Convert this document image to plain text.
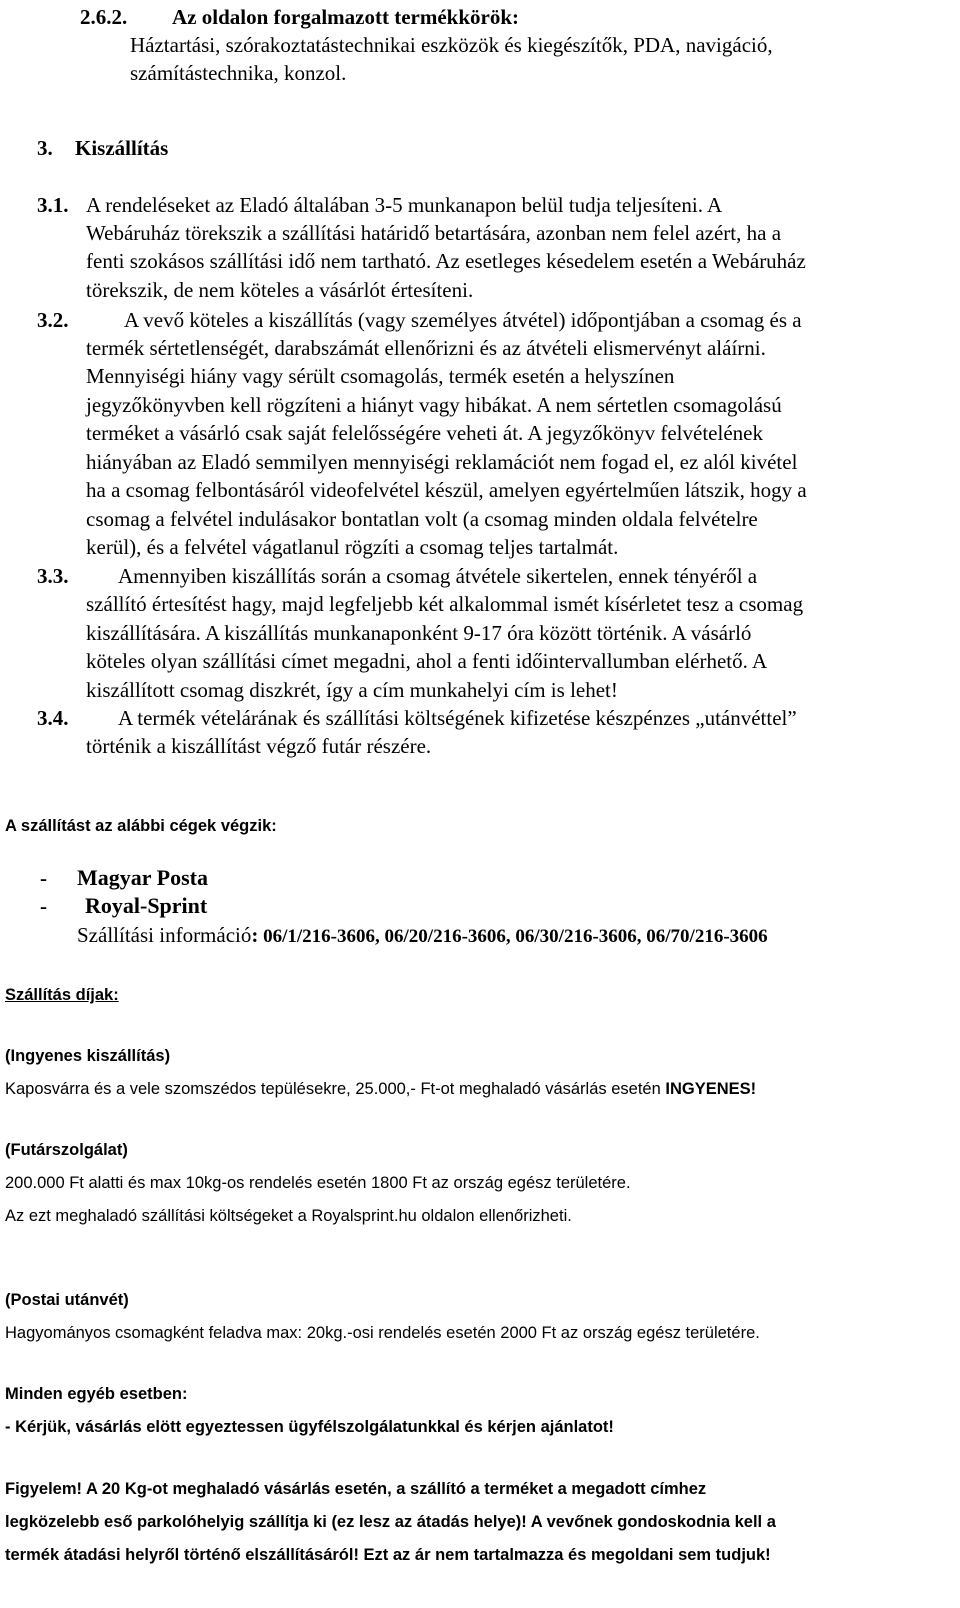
2.6.2. Az oldalon forgalmazott termékkörök:
Háztartási, szórakoztatástechnikai eszközök és kiegészítők, PDA, navigáció,
számítástechnika, konzol.
3. Kiszállítás
3.1. A rendeléseket az Eladó általában 3-5 munkanapon belül tudja teljesíteni. A
Webáruház törekszik a szállítási határidő betartására, azonban nem felel azért, ha a
fenti szokásos szállítási idő nem tartható. Az esetleges késedelem esetén a Webáruház
törekszik, de nem köteles a vásárlót értesíteni.
3.2.	A vevő köteles a kiszállítás (vagy személyes átvétel) időpontjában a csomag és a
termék sértetlenségét, darabszámát ellenőrizni és az átvételi elismervényt aláírni.
Mennyiségi hiány vagy sérült csomagolás, termék esetén a helyszínen
jegyzőkönyvben kell rögzíteni a hiányt vagy hibákat. A nem sértetlen csomagolású
terméket a vásárló csak saját felelősségére veheti át. A jegyzőkönyv felvételének
hiányában az Eladó semmilyen mennyiségi reklamációt nem fogad el, ez alól kivétel
ha a csomag felbontásáról videofelvétel készül, amelyen egyértelműen látszik, hogy a
csomag a felvétel indulásakor bontatlan volt (a csomag minden oldala felvételre
kerül), és a felvétel vágatlanul rögzíti a csomag teljes tartalmát.
3.3. Amennyiben kiszállítás során a csomag átvétele sikertelen, ennek tényéről a
szállító értesítést hagy, majd legfeljebb két alkalommal ismét kísérletet tesz a csomag
kiszállítására. A kiszállítás munkanaponként 9-17 óra között történik. A vásárló
köteles olyan szállítási címet megadni, ahol a fenti időintervallumban elérhető. A
kiszállított csomag diszkrét, így a cím munkahelyi cím is lehet!
3.4. A termék vételárának és szállítási költségének kifizetése készpénzes „utánvéttel”
történik a kiszállítást végző futár részére.
A szállítást az alábbi cégek végzik:
- Magyar Posta
- Royal-Sprint
Szállítási információ: 06/1/216-3606, 06/20/216-3606, 06/30/216-3606, 06/70/216-3606
Szállítás díjak:
(Ingyenes kiszállítás)
Kaposvárra és a vele szomszédos tepülésekre, 25.000,- Ft-ot meghaladó vásárlás esetén INGYENES!
(Futárszolgálat)
200.000 Ft alatti és max 10kg-os rendelés esetén 1800 Ft az ország egész területére.
Az ezt meghaladó szállítási költségeket a Royalsprint.hu oldalon ellenőrizheti.
(Postai utánvét)
Hagyományos csomagként feladva max: 20kg.-osi rendelés esetén 2000 Ft az ország egész területére.
Minden egyéb esetben:
- Kérjük, vásárlás elött egyeztessen ügyfélszolgálatunkkal és kérjen ajánlatot!
Figyelem! A 20 Kg-ot meghaladó vásárlás esetén, a szállító a terméket a megadott címhez
legközelebb eső parkolóhelyig szállítja ki (ez lesz az átadás helye)! A vevőnek gondoskodnia kell a
termék átadási helyről történő elszállításáról! Ezt az ár nem tartalmazza és megoldani sem tudjuk!
